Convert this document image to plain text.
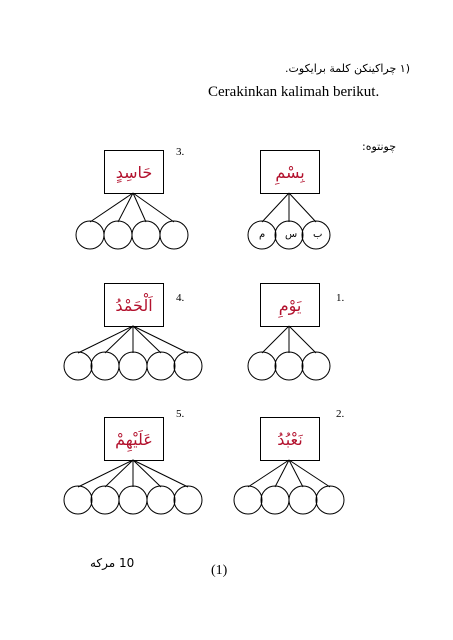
(١ چراکينکن کلمة برايکوت.
Cerakinkan kalimah berikut.
چونتوه:
3.
4.	1.
5.	2.
حَاسِدٍ	بِسْمِ
اَلْحَمْدُ	يَوْمِ
عَلَيْهِمْ	نَعْبُدُ
ب
س
م
10 مرکه	(1)
